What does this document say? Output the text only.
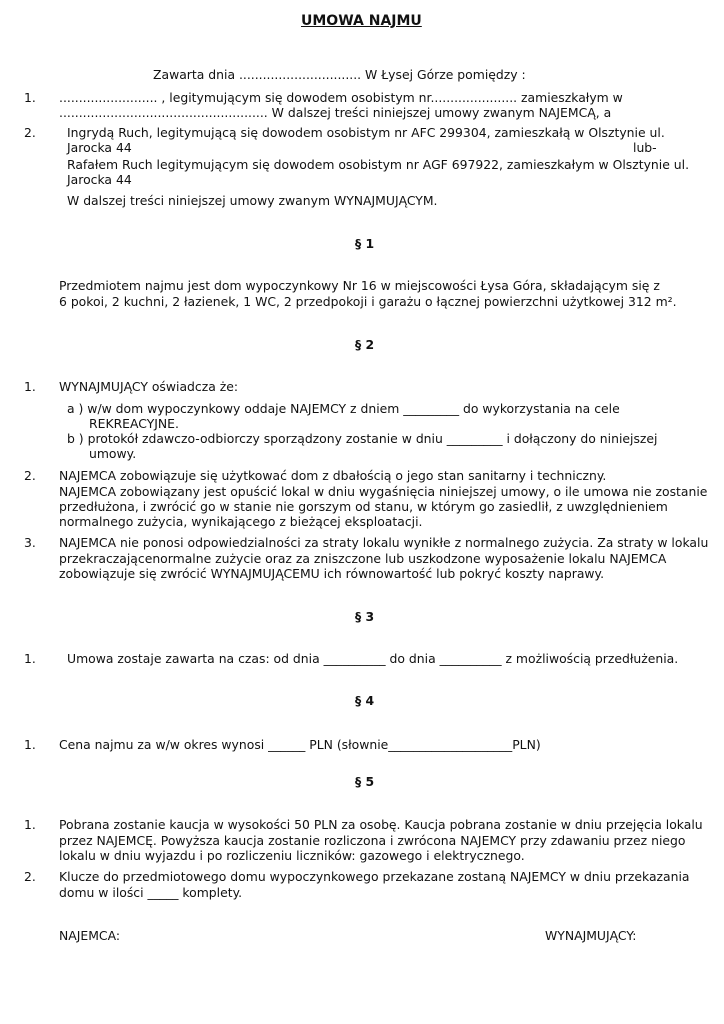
UMOWA NAJMU
Zawarta dnia ............................... W Łysej Górze pomiędzy :
1. ......................... , legitymującym się dowodem osobistym nr...................... zamieszkałym w
..................................................... W dalszej treści niniejszej umowy zwanym NAJEMCĄ, a
2.	Ingrydą Ruch, legitymującą się dowodem osobistym nr AFC 299304, zamieszkałą w Olsztynie ul.
Jarocka 44	lub-
Rafałem Ruch legitymującym się dowodem osobistym nr AGF 697922, zamieszkałym w Olsztynie ul.
Jarocka 44
W dalszej treści niniejszej umowy zwanym WYNAJMUJĄCYM.
§ 1
Przedmiotem najmu jest dom wypoczynkowy Nr 16 w miejscowości Łysa Góra, składającym się z
6 pokoi, 2 kuchni, 2 łazienek, 1 WC, 2 przedpokoji i garażu o łącznej powierzchni użytkowej 312 m².
§ 2
1. WYNAJMUJĄCY oświadcza że:
a ) w/w dom wypoczynkowy oddaje NAJEMCY z dniem _________ do wykorzystania na cele
REKREACYJNE.
b ) protokół zdawczo-odbiorczy sporządzony zostanie w dniu _________ i dołączony do niniejszej
umowy.
2. NAJEMCA zobowiązuje się użytkować dom z dbałością o jego stan sanitarny i techniczny.
NAJEMCA zobowiązany jest opuścić lokal w dniu wygaśnięcia niniejszej umowy, o ile umowa nie zostanie
przedłużona, i zwrócić go w stanie nie gorszym od stanu, w którym go zasiedlił, z uwzględnieniem
normalnego zużycia, wynikającego z bieżącej eksploatacji.
3. NAJEMCA nie ponosi odpowiedzialności za straty lokalu wynikłe z normalnego zużycia. Za straty w lokalu
przekraczającenormalne zużycie oraz za zniszczone lub uszkodzone wyposażenie lokalu NAJEMCA
zobowiązuje się zwrócić WYNAJMUJĄCEMU ich równowartość lub pokryć koszty naprawy.
§ 3
1.	Umowa zostaje zawarta na czas: od dnia __________ do dnia __________ z możliwością przedłużenia.
§ 4
1. Cena najmu za w/w okres wynosi ______ PLN (słownie____________________PLN)
§ 5
1. Pobrana zostanie kaucja w wysokości 50 PLN za osobę. Kaucja pobrana zostanie w dniu przejęcia lokalu
przez NAJEMCĘ. Powyższa kaucja zostanie rozliczona i zwrócona NAJEMCY przy zdawaniu przez niego
lokalu w dniu wyjazdu i po rozliczeniu liczników: gazowego i elektrycznego.
2. Klucze do przedmiotowego domu wypoczynkowego przekazane zostaną NAJEMCY w dniu przekazania
domu w ilości _____ komplety.
NAJEMCA:	WYNAJMUJĄCY:
